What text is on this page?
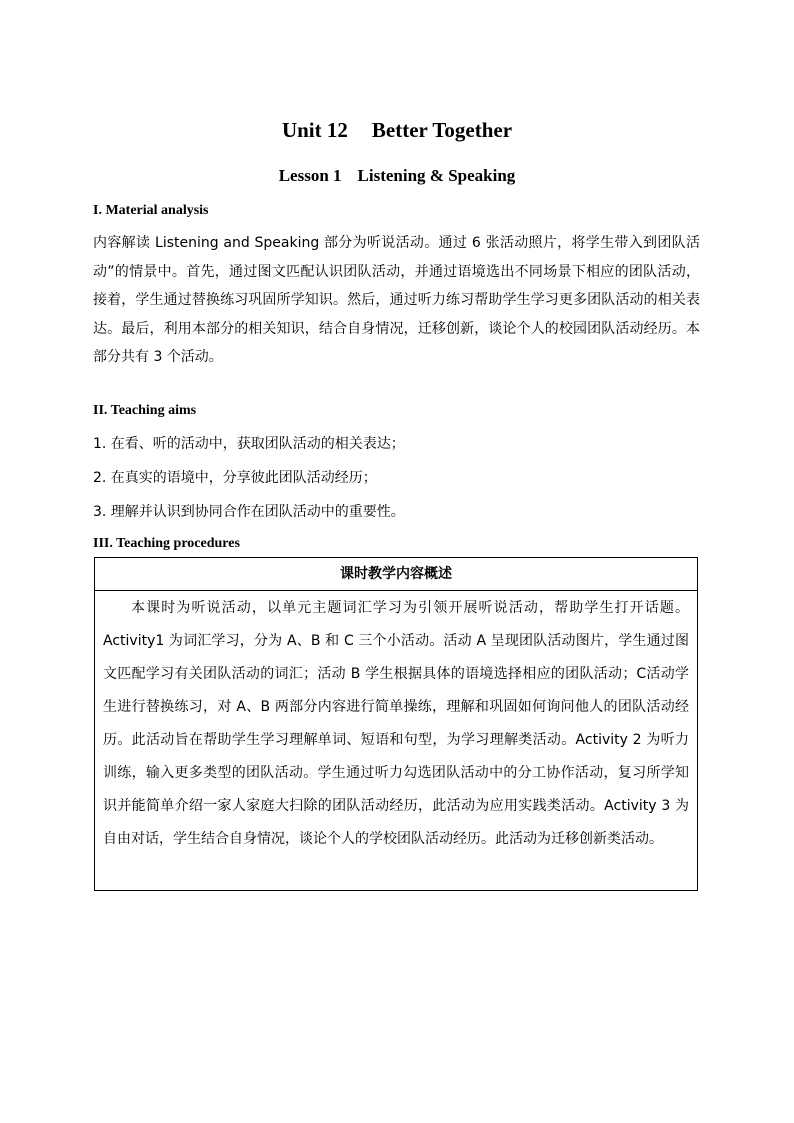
Unit 12 Better Together
Lesson 1 Listening & Speaking
I. Material analysis

内容解读 Listening and Speaking 部分为听说活动。通过 6 张活动照片，将学生带入到团队活动”的情景中。首先，通过图文匹配认识团队活动，并通过语境选出不同场景下相应的团队活动，接着，学生通过替换练习巩固所学知识。然后，通过听力练习帮助学生学习更多团队活动的相关表达。最后，利用本部分的相关知识，结合自身情况，迁移创新，谈论个人的校园团队活动经历。本部分共有 3 个活动。

II. Teaching aims
1. 在看、听的活动中，获取团队活动的相关表达；
2. 在真实的语境中，分享彼此团队活动经历；
3. 理解并认识到协同合作在团队活动中的重要性。
III. Teaching procedures
课时教学内容概述

本课时为听说活动，以单元主题词汇学习为引领开展听说活动，帮助学生打开话题。Activity1 为词汇学习，分为 A、B 和 C 三个小活动。活动 A 呈现团队活动图片，学生通过图文匹配学习有关团队活动的词汇；活动 B 学生根据具体的语境选择相应的团队活动；C活动学生进行替换练习，对 A、B 两部分内容进行简单操练，理解和巩固如何询问他人的团队活动经历。此活动旨在帮助学生学习理解单词、短语和句型，为学习理解类活动。Activity 2 为听力训练，输入更多类型的团队活动。学生通过听力勾选团队活动中的分工协作活动，复习所学知识并能简单介绍一家人家庭大扫除的团队活动经历，此活动为应用实践类活动。Activity 3 为自由对话，学生结合自身情况，谈论个人的学校团队活动经历。此活动为迁移创新类活动。
